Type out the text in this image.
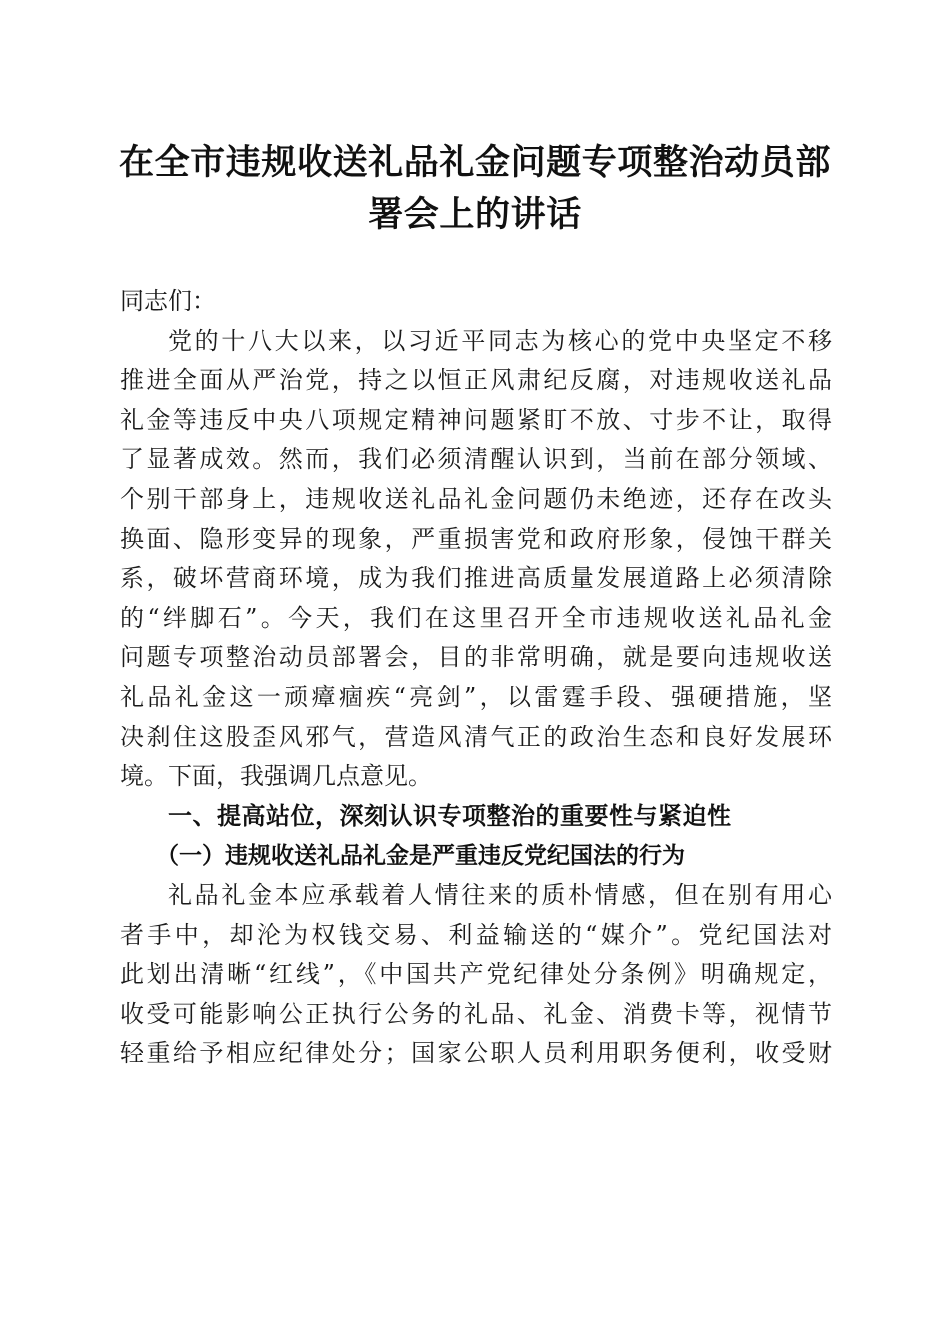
在全市违规收送礼品礼金问题专项整治动员部
署会上的讲话
同志们：
党的十八大以来，以习近平同志为核心的党中央坚定不移
推进全面从严治党，持之以恒正风肃纪反腐，对违规收送礼品
礼金等违反中央八项规定精神问题紧盯不放、寸步不让，取得
了显著成效。然而，我们必须清醒认识到，当前在部分领域、
个别干部身上，违规收送礼品礼金问题仍未绝迹，还存在改头
换面、隐形变异的现象，严重损害党和政府形象，侵蚀干群关
系，破坏营商环境，成为我们推进高质量发展道路上必须清除
的“绊脚石”。今天，我们在这里召开全市违规收送礼品礼金
问题专项整治动员部署会，目的非常明确，就是要向违规收送
礼品礼金这一顽瘴痼疾“亮剑”，以雷霆手段、强硬措施，坚
决刹住这股歪风邪气，营造风清气正的政治生态和良好发展环
境。下面，我强调几点意见。
一、提高站位，深刻认识专项整治的重要性与紧迫性
（一）违规收送礼品礼金是严重违反党纪国法的行为
礼品礼金本应承载着人情往来的质朴情感，但在别有用心
者手中，却沦为权钱交易、利益输送的“媒介”。党纪国法对
此划出清晰“红线”，《中国共产党纪律处分条例》明确规定，
收受可能影响公正执行公务的礼品、礼金、消费卡等，视情节
轻重给予相应纪律处分；国家公职人员利用职务便利，收受财
